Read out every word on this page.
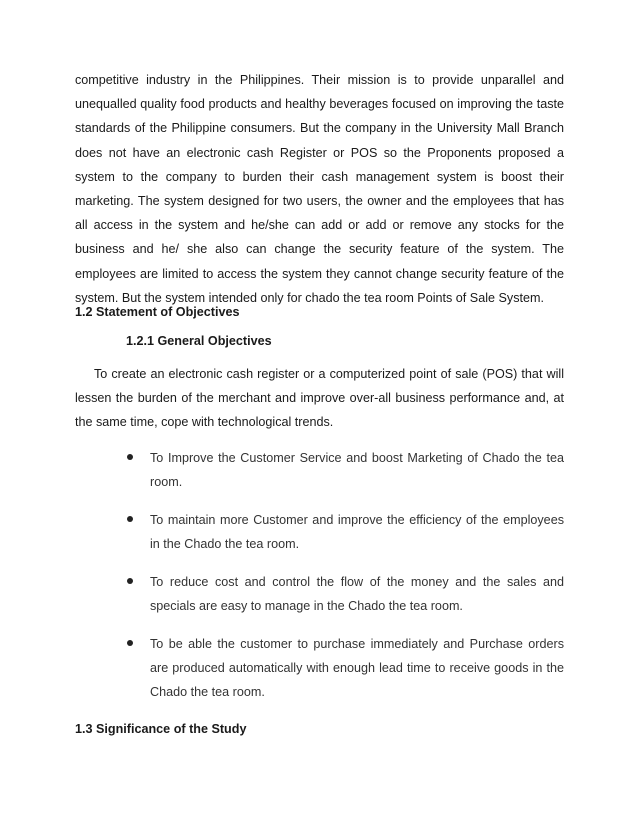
competitive industry in the Philippines. Their mission is to provide unparallel and unequalled quality food products and healthy beverages focused on improving the taste standards of the Philippine consumers. But the company in the University Mall Branch does not have an electronic cash Register or POS so the Proponents proposed a system to the company to burden their cash management system is boost their marketing. The system designed for two users, the owner and the employees that has all access in the system and he/she can add or add or remove any stocks for the business and he/ she also can change the security feature of the system. The employees are limited to access the system they cannot change security feature of the system. But the system intended only for chado the tea room Points of Sale System.

1.2 Statement of Objectives
1.2.1 General Objectives

To create an electronic cash register or a computerized point of sale (POS) that will lessen the burden of the merchant and improve over-all business performance and, at the same time, cope with technological trends.

To Improve the Customer Service and boost Marketing of Chado the tea room.

To maintain more Customer and improve the efficiency of the employees in the Chado the tea room.

To reduce cost and control the flow of the money and the sales and specials are easy to manage in the Chado the tea room.

To be able the customer to purchase immediately and Purchase orders are produced automatically with enough lead time to receive goods in the Chado the tea room.

1.3 Significance of the Study
